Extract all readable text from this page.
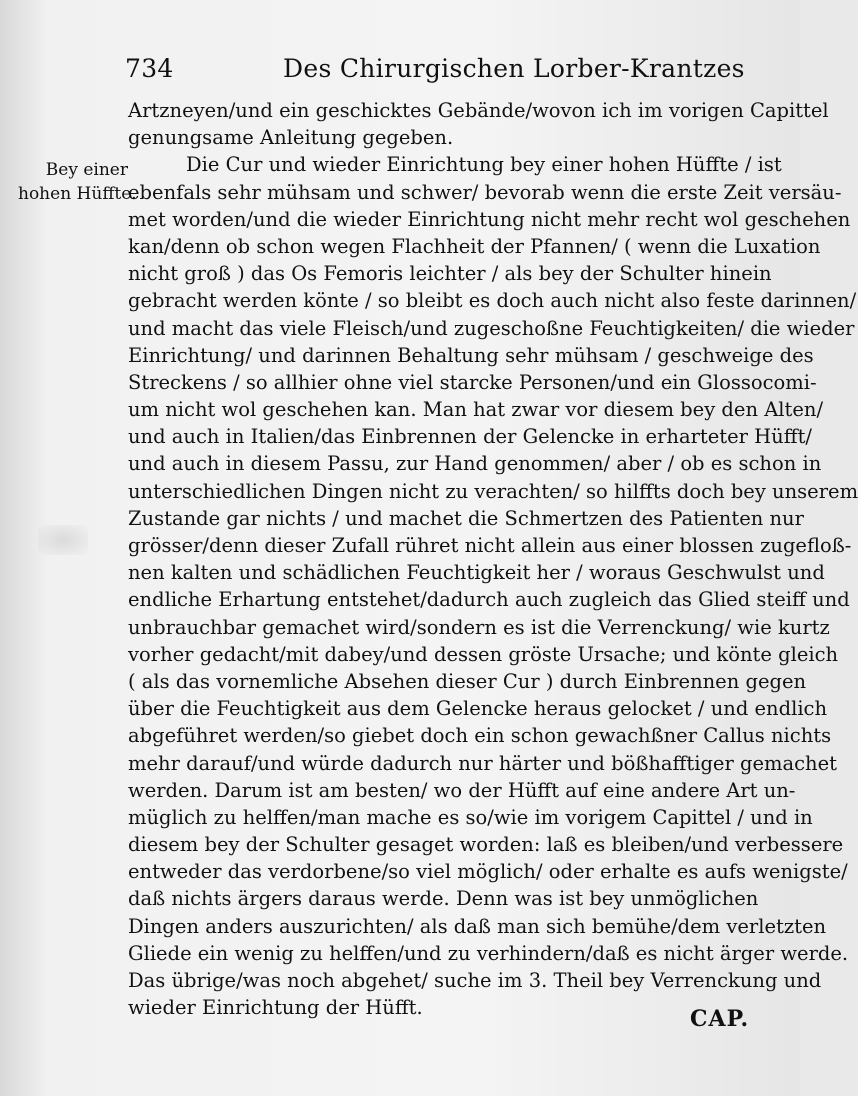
734	Des Chirurgischen Lorber-Krantzes
Bey einer
hohen Hüffte.
Artzneyen/und ein geschicktes Gebände/wovon ich im vorigen Capittel
genungsame Anleitung gegeben.
Die Cur und wieder Einrichtung bey einer hohen Hüffte / ist
ebenfals sehr mühsam und schwer/ bevorab wenn die erste Zeit versäu-
met worden/und die wieder Einrichtung nicht mehr recht wol geschehen
kan/denn ob schon wegen Flachheit der Pfannen/ ( wenn die Luxation
nicht groß ) das Os Femoris leichter / als bey der Schulter hinein
gebracht werden könte / so bleibt es doch auch nicht also feste darinnen/
und macht das viele Fleisch/und zugeschoßne Feuchtigkeiten/ die wieder
Einrichtung/ und darinnen Behaltung sehr mühsam / geschweige des
Streckens / so allhier ohne viel starcke Personen/und ein Glossocomi-
um nicht wol geschehen kan. Man hat zwar vor diesem bey den Alten/
und auch in Italien/das Einbrennen der Gelencke in erharteter Hüfft/
und auch in diesem Passu, zur Hand genommen/ aber / ob es schon in
unterschiedlichen Dingen nicht zu verachten/ so hilffts doch bey unserem
Zustande gar nichts / und machet die Schmertzen des Patienten nur
grösser/denn dieser Zufall rühret nicht allein aus einer blossen zugefloß-
nen kalten und schädlichen Feuchtigkeit her / woraus Geschwulst und
endliche Erhartung entstehet/dadurch auch zugleich das Glied steiff und
unbrauchbar gemachet wird/sondern es ist die Verrenckung/ wie kurtz
vorher gedacht/mit dabey/und dessen gröste Ursache; und könte gleich
( als das vornemliche Absehen dieser Cur ) durch Einbrennen gegen
über die Feuchtigkeit aus dem Gelencke heraus gelocket / und endlich
abgeführet werden/so giebet doch ein schon gewachßner Callus nichts
mehr darauf/und würde dadurch nur härter und bößhafftiger gemachet
werden. Darum ist am besten/ wo der Hüfft auf eine andere Art un-
müglich zu helffen/man mache es so/wie im vorigem Capittel / und in
diesem bey der Schulter gesaget worden: laß es bleiben/und verbessere
entweder das verdorbene/so viel möglich/ oder erhalte es aufs wenigste/
daß nichts ärgers daraus werde. Denn was ist bey unmöglichen
Dingen anders auszurichten/ als daß man sich bemühe/dem verletzten
Gliede ein wenig zu helffen/und zu verhindern/daß es nicht ärger werde.
Das übrige/was noch abgehet/ suche im 3. Theil bey Verrenckung und
wieder Einrichtung der Hüfft.	CAP.
